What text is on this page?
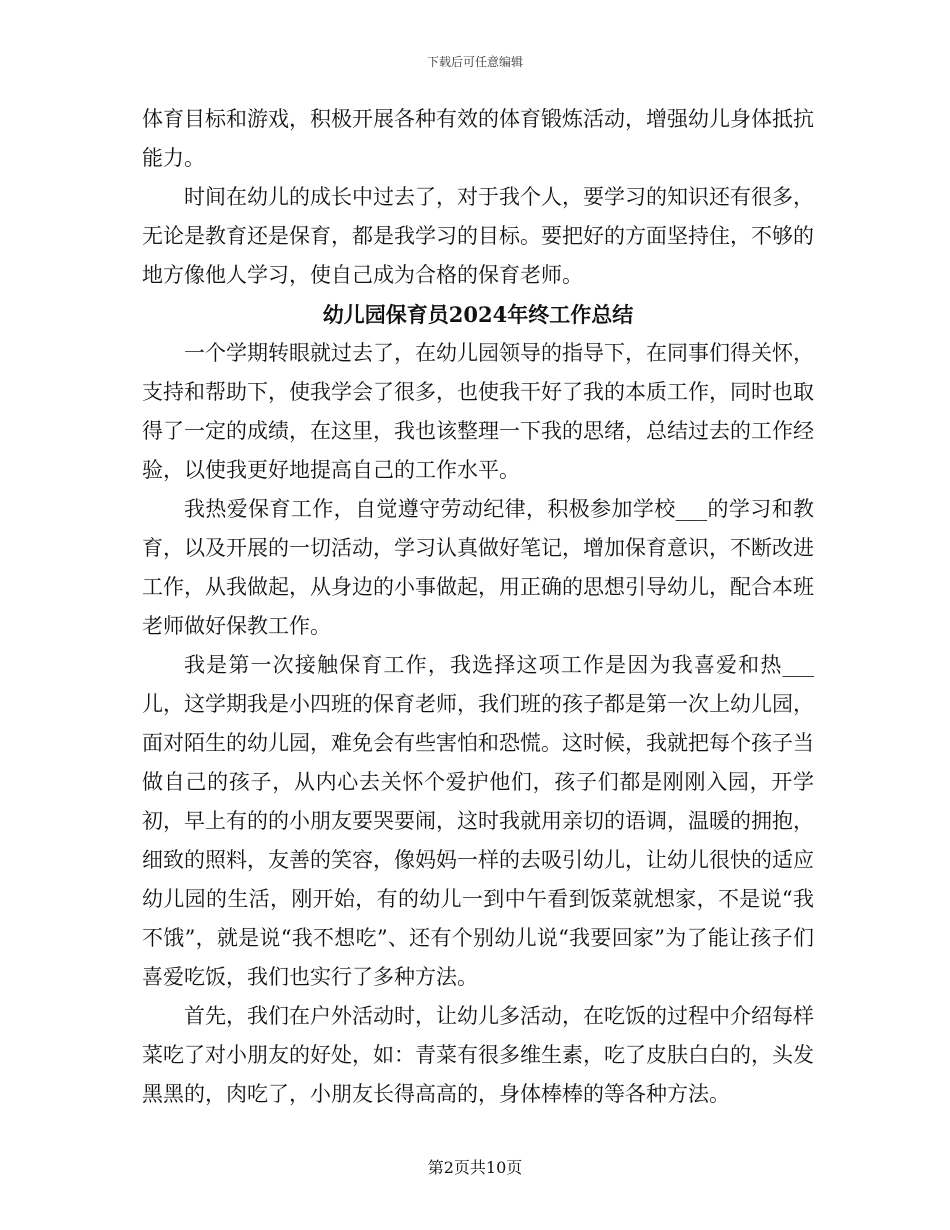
下载后可任意编辑

体育目标和游戏，积极开展各种有效的体育锻炼活动，增强幼儿身体抵抗能力。

时间在幼儿的成长中过去了，对于我个人，要学习的知识还有很多，无论是教育还是保育，都是我学习的目标。要把好的方面坚持住，不够的地方像他人学习，使自己成为合格的保育老师。

幼儿园保育员2024年终工作总结

一个学期转眼就过去了，在幼儿园领导的指导下，在同事们得关怀，支持和帮助下，使我学会了很多，也使我干好了我的本质工作，同时也取得了一定的成绩，在这里，我也该整理一下我的思绪，总结过去的工作经验，以使我更好地提高自己的工作水平。

我热爱保育工作，自觉遵守劳动纪律，积极参加学校___的学习和教育，以及开展的一切活动，学习认真做好笔记，增加保育意识，不断改进工作，从我做起，从身边的小事做起，用正确的思想引导幼儿，配合本班老师做好保教工作。

我是第一次接触保育工作，我选择这项工作是因为我喜爱和热___儿，这学期我是小四班的保育老师，我们班的孩子都是第一次上幼儿园，面对陌生的幼儿园，难免会有些害怕和恐慌。这时候，我就把每个孩子当做自己的孩子，从内心去关怀个爱护他们，孩子们都是刚刚入园，开学初，早上有的的小朋友要哭要闹，这时我就用亲切的语调，温暖的拥抱，细致的照料，友善的笑容，像妈妈一样的去吸引幼儿，让幼儿很快的适应幼儿园的生活，刚开始，有的幼儿一到中午看到饭菜就想家，不是说“我不饿”，就是说“我不想吃”、还有个别幼儿说“我要回家”为了能让孩子们喜爱吃饭，我们也实行了多种方法。

首先，我们在户外活动时，让幼儿多活动，在吃饭的过程中介绍每样菜吃了对小朋友的好处，如：青菜有很多维生素，吃了皮肤白白的，头发黑黑的，肉吃了，小朋友长得高高的，身体棒棒的等各种方法。

第2页共10页
